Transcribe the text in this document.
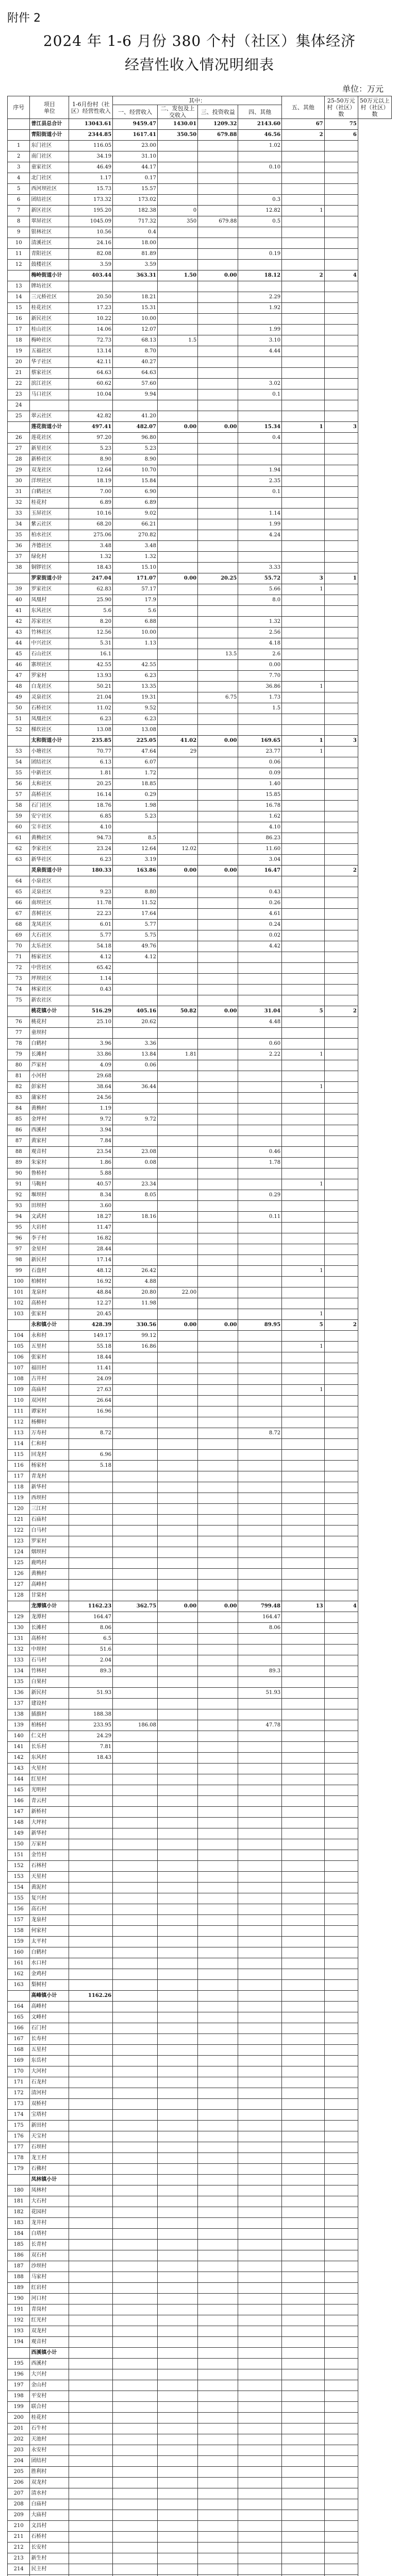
附件 2
2024 年 1-6 月份 380 个村（社区）集体经济
经营性收入情况明细表
单位：万元
序号	项目
单位	1-6月份村（社区）经营性收入	其中：				五、其他	25-50万元村（社区）数	50万元以上村（社区）数
			一、经营收入	二、发包及上交收入	三、投资收益	四、其他			
	普江县总合计	13043.61	9459.47	1430.01	1209.32	2143.60	67	75	
	青阳街道小计	2344.85	1617.41	350.50	679.88	46.56	2	6	
1	东门社区	116.05	23.00			1.02			
2	南门社区	34.19	31.10						
3	童家社区	46.49	44.17			0.10			
4	北门社区	1.17	0.17						
5	西河坝社区	15.73	15.57						
6	团结社区	173.32	173.02			0.3			
7	新区社区	195.20	182.38	0		12.82	1		
8	翠屏社区	1045.09	717.32	350	679.88	0.5			
9	银林社区	10.56	0.4						
10	清溪社区	24.16	18.00						
11	青阳社区	82.08	81.89			0.19			
12	鼓楼社区	3.59	3.59						
	梅岭街道小计	403.44	363.31	1.50	0.00	18.12	2	4	
13	牌坊社区								
14	三元桥社区	20.50	18.21			2.29			
15	桂花社区	17.23	15.31			1.92			
16	新民社区	10.22	10.00						
17	桂山社区	14.06	12.07			1.99			
18	梅岭社区	72.73	68.13	1.5		3.10			
19	五福社区	13.14	8.70			4.44			
20	华子社区	42.11	40.27						
21	蔡家社区	64.63	64.63						
22	滨江社区	60.62	57.60			3.02			
23	马口社区	10.04	9.94			0.1			
24									
25	翠云社区	42.82	41.20						
	莲花街道小计	497.41	482.07	0.00	0.00	15.34	1	3	
26	莲花社区	97.20	96.80			0.4			
27	新星社区	5.23	5.23						
28	新桥社区	8.90	8.90						
29	双龙社区	12.64	10.70			1.94			
30	洋坝社区	18.19	15.84			2.35			
31	白鹤社区	7.00	6.90			0.1			
32	桂花村	6.89	6.89						
33	玉屏社区	10.16	9.02			1.14			
34	紫云社区	68.20	66.21			1.99			
35	柏水社区	275.06	270.82			4.24			
36	齐德社区	3.48	3.48						
37	绿化村	1.32	1.32						
38	铜锣社区	18.43	15.10			3.33			
	罗家街道小计	247.04	171.07	0.00	20.25	55.72	3	1	
39	罗家社区	62.83	57.17			5.66	1		
40	凤凰村	25.90	17.9			8.0			
41	东风社区	5.6	5.6						
42	苏家社区	8.20	6.88			1.32			
43	竹林社区	12.56	10.00			2.56			
44	中兴社区	5.31	1.13			4.18			
45	石山社区	16.1			13.5	2.6			
46	寨坝社区	42.55	42.55			0.00			
47	罗家村	13.93	6.23			7.70			
48	白龙社区	50.21	13.35			36.86	1		
49	灵泉社区	21.04	19.31		6.75	1.73			
50	石桥社区	11.02	9.52			1.5			
51	凤凰社区	6.23	6.23						
52	梯坎社区	13.08	13.08						
	太和街道小计	235.85	225.05	41.02	0.00	169.65	1	3	
53	小塘社区	70.77	47.64	29		23.77	1		
54	团结社区	6.13	6.07			0.06			
55	中新社区	1.81	1.72			0.09			
56	太和社区	20.25	18.85			1.40			
57	高桥社区	16.14	0.29			15.85			
58	石门社区	18.76	1.98			16.78			
59	安宁社区	6.85	5.23			1.62			
60	宝丰社区	4.10				4.10			
61	黄桷社区	94.73	8.5			86.23			
62	李家社区	23.24	12.64	12.02		11.60			
63	新华社区	6.23	3.19			3.04			
	灵泉街道小计	180.33	163.86	0.00	0.00	16.47		2	
64	小泉社区								
65	灵泉社区	9.23	8.80			0.43			
66	南坝社区	11.78	11.52			0.26			
67	喜树社区	22.23	17.64			4.61			
68	龙凤社区	6.01	5.77			0.24			
69	大石社区	5.77	5.75			0.02			
70	太乐社区	54.18	49.76			4.42			
71	杨家社区	4.12	4.12						
72	中营社区	65.42							
73	坪坝社区	1.14							
74	林家社区	0.43							
75	新农社区								
	桃花镇小计	516.29	405.16	50.82	0.00	31.04	5	2	
76	桃花村	25.10	20.62			4.48			
77	童坝村								
78	白鹤村	3.96	3.36			0.60			
79	长滩村	33.86	13.84	1.81		2.22	1		
80	芦家村	4.09	0.06						
81	小河村	29.68							
82	彭家村	38.64	36.44				1		
83	蒲家村	24.56							
84	黄桷村	1.19							
85	金坪村	9.72	9.72						
86	西溪村	3.94							
87	黄家村	7.84							
88	观音村	23.54	23.08			0.46			
89	朱家村	1.86	0.08			1.78			
90	鲁桥村	5.88							
91	马鞍村	40.57	23.34				1		
92	堰坝村	8.34	8.05			0.29			
93	田坝村	3.60							
94	文武村	18.27	18.16			0.11			
95	大岩村	11.47							
96	李子村	16.82							
97	金星村	28.44							
98	新民村	17.14							
99	石盘村	48.12	26.42				1		
100	柏树村	16.92	4.88						
101	龙泉村	48.84	20.80	22.00					
102	高桥村	12.27	11.98						
103	张家村	20.45					1		
	永和镇小计	428.39	330.56	0.00	0.00	89.95	5	2	
104	永和村	149.17	99.12						
105	五里村	55.18	16.86				1		
106	张家村	18.44							
107	福田村	11.41							
108	古井村	24.09							
109	高庙村	27.63					1		
110	双河村	26.64							
111	谭家村	16.96							
112	杨柳村								
113	万寿村	8.72				8.72			
114	仁和村								
115	回龙村	6.96							
116	杨家村	5.18							
117	青龙村								
118	新华村								
119	西坝村								
120	三江村								
121	石庙村								
122	白马村								
123	罗家村								
124	烟坝村								
125	鹿鸣村								
126	黄桷村								
127	高峰村								
128	甘棠村								
	龙潭镇小计	1162.23	362.75	0.00	0.00	799.48	13	4	
129	龙潭村	164.47				164.47			
130	长滩村	8.06				8.06			
131	高桥村	6.5							
132	中坝村	51.6							
133	石马村	2.04							
134	竹林村	89.3				89.3			
135	白果村								
136	新民村	51.93				51.93			
137	建设村								
138	插旗村	188.38							
139	柏杨村	233.95	186.08			47.78			
140	仁义村	24.29							
141	长乐村	7.81							
142	东风村	18.43							
143	火星村								
144	红星村								
145	光明村								
146	青云村								
147	新桥村								
148	大坪村								
149	新华村								
150	万家村								
151	金竹村								
152	石林村								
153	天星村								
154	黄泥村								
155	复兴村								
156	高石村								
157	龙泉村								
158	何家村								
159	太平村								
160	白鹤村								
161	水口村								
162	金鸡村								
163	梨树村								
	高峰镇小计	1162.26							
164	高峰村								
165	文峰村								
166	石门村								
167	长寿村								
168	五星村								
169	东岳村								
170	大河村								
171	石龙村								
172	清河村								
173	双桥村								
174	宝塔村								
175	新田村								
176	天宝村								
177	石坝村								
178	龙王村								
179	石佛村								
	凤林镇小计								
180	凤林村								
181	大石村								
182	花园村								
183	龙井村								
184	白塔村								
185	长青村								
186	双石村								
187	沙坝村								
188	马家村								
189	红岩村								
190	河口村								
191	青岗村								
192	红光村								
193	双龙村								
194	观音村								
	西溪镇小计								
195	西溪村								
196	大兴村								
197	金山村								
198	平安村								
199	联合村								
200	桂花村								
201	石牛村								
202	天池村								
203	永安村								
204	团结村								
205	胜利村								
206	双龙村								
207	清水村								
208	白庙村								
209	大庙村								
210	文昌村								
211	石桥村								
212	长安村								
213	新生村								
214	民主村								
